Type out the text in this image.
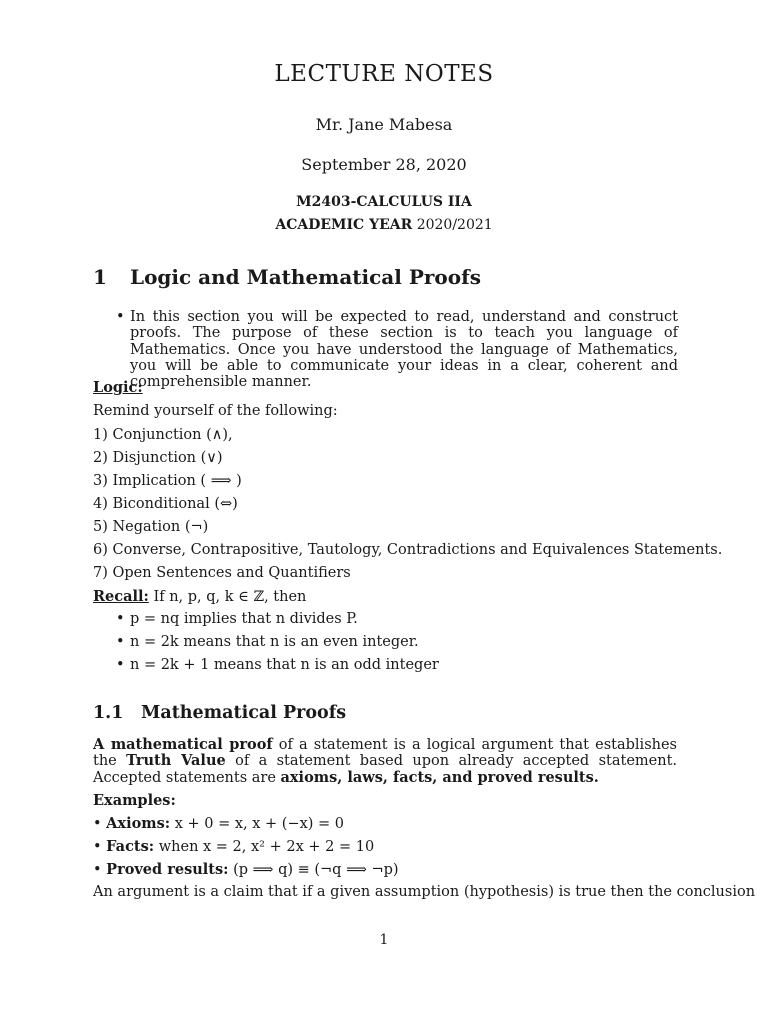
LECTURE NOTES
Mr. Jane Mabesa
September 28, 2020
M2403-CALCULUS IIA
ACADEMIC YEAR 2020/2021
1 Logic and Mathematical Proofs
• In this section you will be expected to read, understand and construct proofs. The purpose of these section is to teach you language of Mathematics. Once you have understood the language of Mathematics, you will be able to communicate your ideas in a clear, coherent and comprehensible manner.
Logic:
Remind yourself of the following:
1) Conjunction (∧),
2) Disjunction (∨)
3) Implication ( ⟹ )
4) Biconditional (⇔)
5) Negation (¬)
6) Converse, Contrapositive, Tautology, Contradictions and Equivalences Statements.
7) Open Sentences and Quantifiers
Recall: If n, p, q, k ∈ ℤ, then
• p = nq implies that n divides P.
• n = 2k means that n is an even integer.
• n = 2k + 1 means that n is an odd integer
1.1 Mathematical Proofs
A mathematical proof of a statement is a logical argument that establishes the Truth Value of a statement based upon already accepted statement. Accepted statements are axioms, laws, facts, and proved results.
Examples:
• Axioms: x + 0 = x, x + (−x) = 0
• Facts: when x = 2, x² + 2x + 2 = 10
• Proved results: (p ⟹ q) ≡ (¬q ⟹ ¬p)
An argument is a claim that if a given assumption (hypothesis) is true then the conclusion
1
